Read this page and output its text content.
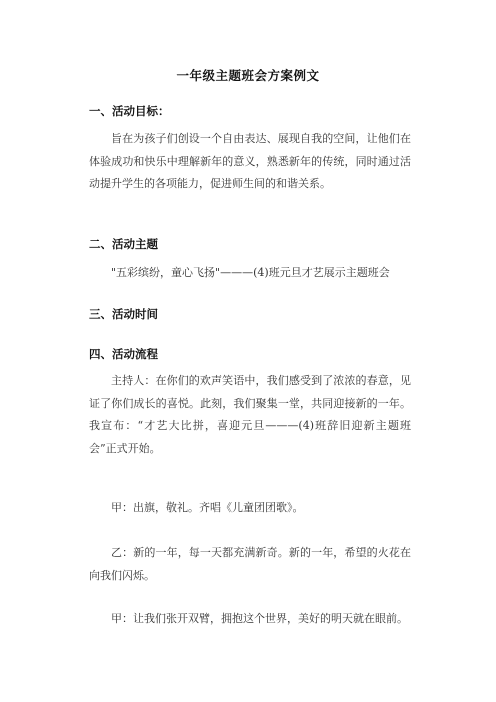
一年级主题班会方案例文
一、活动目标：
旨在为孩子们创设一个自由表达、展现自我的空间，让他们在体验成功和快乐中理解新年的意义，熟悉新年的传统，同时通过活动提升学生的各项能力，促进师生间的和谐关系。
二、活动主题
"五彩缤纷，童心飞扬"———(4)班元旦才艺展示主题班会
三、活动时间
四、活动流程
主持人：在你们的欢声笑语中，我们感受到了浓浓的春意，见证了你们成长的喜悦。此刻，我们聚集一堂，共同迎接新的一年。我宣布：“才艺大比拼，喜迎元旦———(4)班辞旧迎新主题班会”正式开始。
甲：出旗，敬礼。齐唱《儿童团团歌》。
乙：新的一年，每一天都充满新奇。新的一年，希望的火花在向我们闪烁。
甲：让我们张开双臂，拥抱这个世界，美好的明天就在眼前。
